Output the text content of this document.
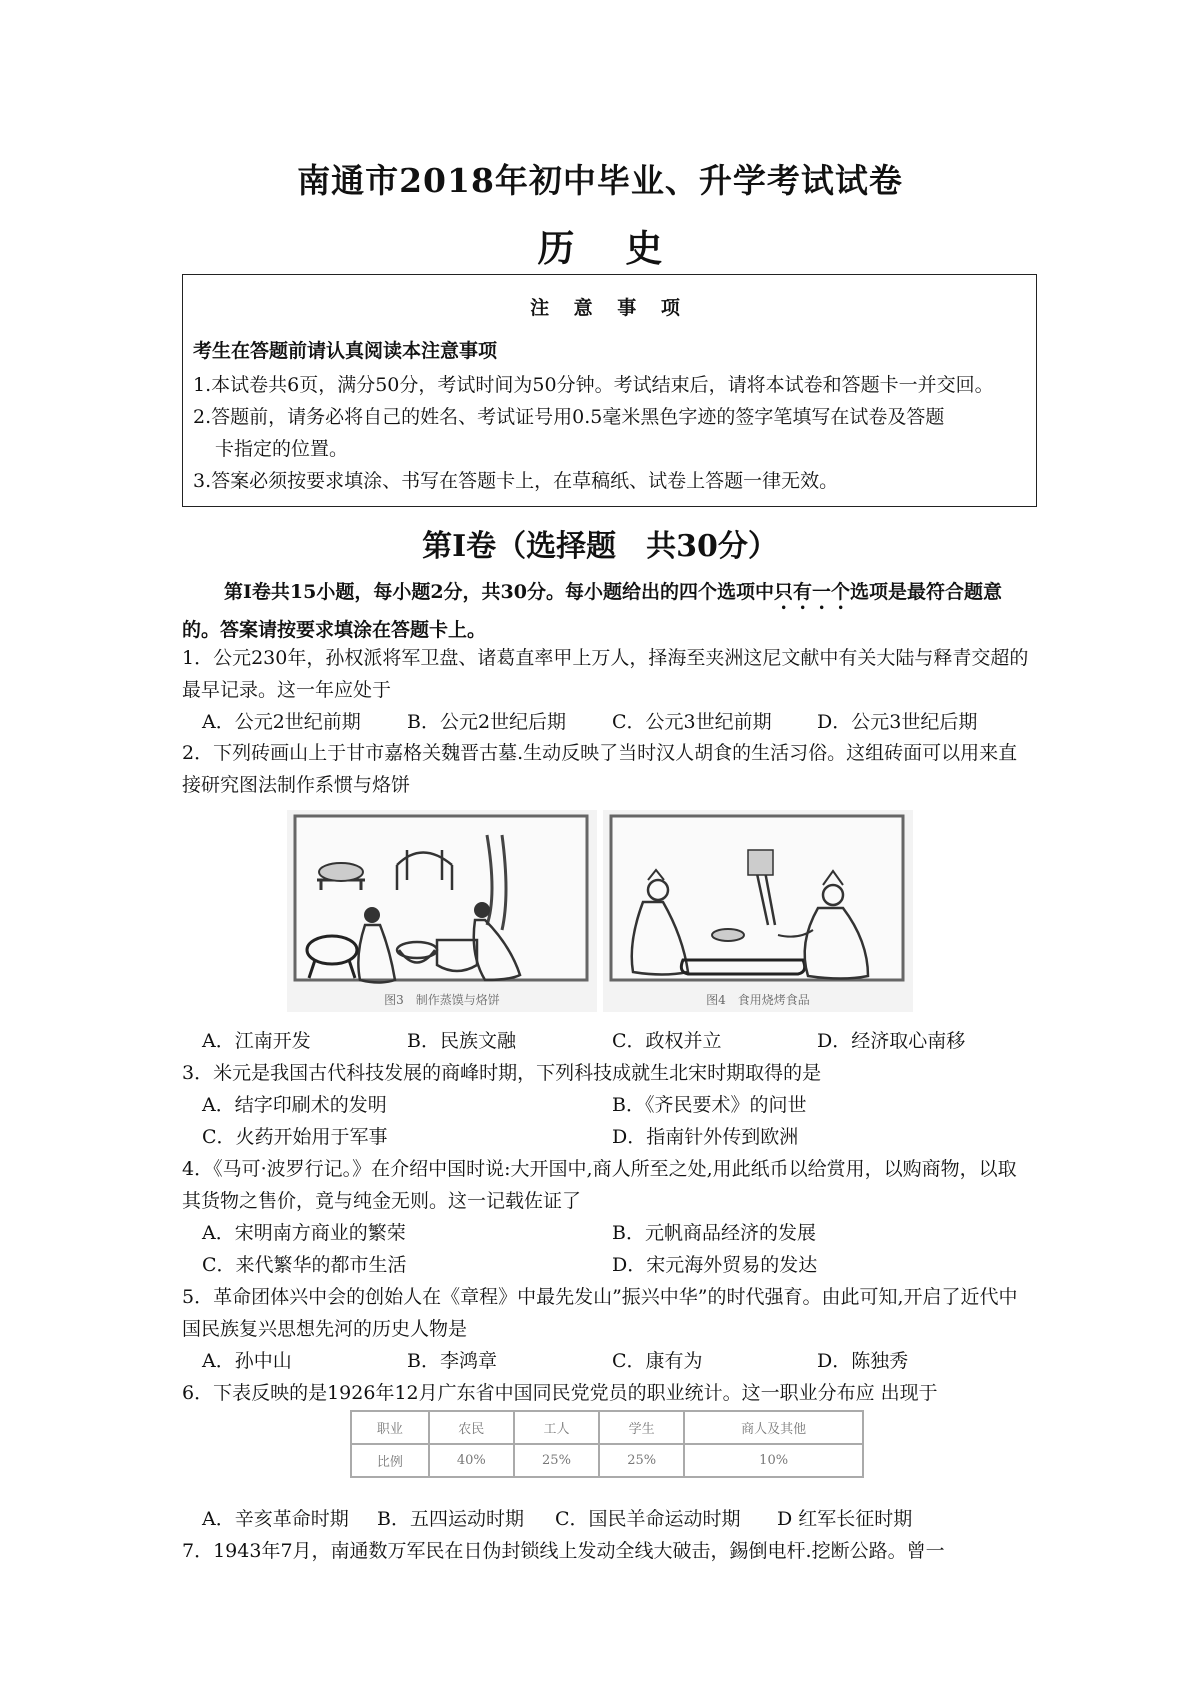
南通市2018年初中毕业、升学考试试卷
历 史
注 意 事 项
考生在答题前请认真阅读本注意事项

1.本试卷共6页，满分50分，考试时间为50分钟。考试结束后，请将本试卷和答题卡一并交回。

2.答题前，请务必将自己的姓名、考试证号用0.5毫米黑色字迹的签字笔填写在试卷及答题

卡指定的位置。

3.答案必须按要求填涂、书写在答题卡上，在草稿纸、试卷上答题一律无效。

第Ⅰ卷（选择题　共30分）
第Ⅰ卷共15小题，每小题2分，共30分。每小题给出的四个选项中只有一个选项是最符合题意的。答案请按要求填涂在答题卡上。

1．公元230年，孙权派将军卫盘、诸葛直率甲上万人，择海至夹洲这尼文献中有关大陆与释青交超的最早记录。这一年应处于

A．公元2世纪前期	B．公元2世纪后期	C．公元3世纪前期	D．公元3世纪后期

2．下列砖画山上于甘市嘉格关魏晋古墓.生动反映了当时汉人胡食的生活习俗。这组砖面可以用来直接研究图法制作系惯与烙饼

图3　制作蒸馍与烙饼	图4　食用烧烤食品
A．江南开发	B．民族文融	C．政权并立	D．经济取心南移

3．米元是我国古代科技发展的商峰时期，下列科技成就生北宋时期取得的是

A．结字印刷术的发明	B．《齐民要术》的问世
C．火药开始用于军事	D．指南针外传到欧洲

4．《马可·波罗行记。》在介绍中国时说:大开国中,商人所至之处,用此纸币以给赏用，以购商物，以取其货物之售价，竟与纯金无则。这一记载佐证了

A．宋明南方商业的繁荣	B．元帆商品经济的发展
C．来代繁华的都市生活	D．宋元海外贸易的发达

5．革命团体兴中会的创始人在《章程》中最先发山”振兴中华”的时代强育。由此可知,开启了近代中国民族复兴思想先河的历史人物是

A．孙中山	B．李鸿章	C．康有为	D．陈独秀

6．下表反映的是1926年12月广东省中国同民党党员的职业统计。这一职业分布应 出现于

职业	农民	工人	学生	商人及其他
比例	40%	25%	25%	10%
A．辛亥革命时期	B．五四运动时期	C．国民羊命运动时期	D 红军长征时期

7．1943年7月，南通数万军民在日伪封锁线上发动全线大破击，錫倒电杆.挖断公路。曾一
